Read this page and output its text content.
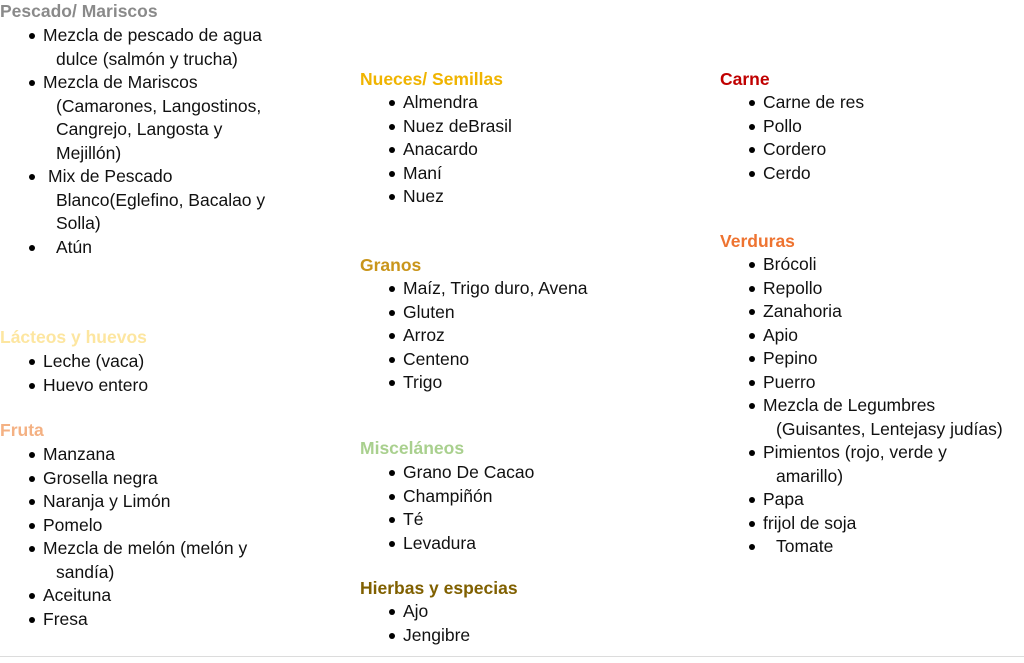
Pescado/ Mariscos
Mezcla de pescado de agua
dulce (salmón y trucha)
Mezcla de Mariscos
(Camarones, Langostinos,
Cangrejo, Langosta y
Mejillón)
Mix de Pescado
Blanco(Eglefino, Bacalao y
Solla)
Atún
Lácteos y huevos
Leche (vaca)
Huevo entero
Fruta
Manzana
Grosella negra
Naranja y Limón
Pomelo
Mezcla de melón (melón y
sandía)
Aceituna
Fresa
Nueces/ Semillas
Almendra
Nuez deBrasil
Anacardo
Maní
Nuez
Granos
Maíz, Trigo duro, Avena
Gluten
Arroz
Centeno
Trigo
Misceláneos
Grano De Cacao
Champiñón
Té
Levadura
Hierbas y especias
Ajo
Jengibre
Carne
Carne de res
Pollo
Cordero
Cerdo
Verduras
Brócoli
Repollo
Zanahoria
Apio
Pepino
Puerro
Mezcla de Legumbres
(Guisantes, Lentejasy judías)
Pimientos (rojo, verde y
amarillo)
Papa
frijol de soja
Tomate
